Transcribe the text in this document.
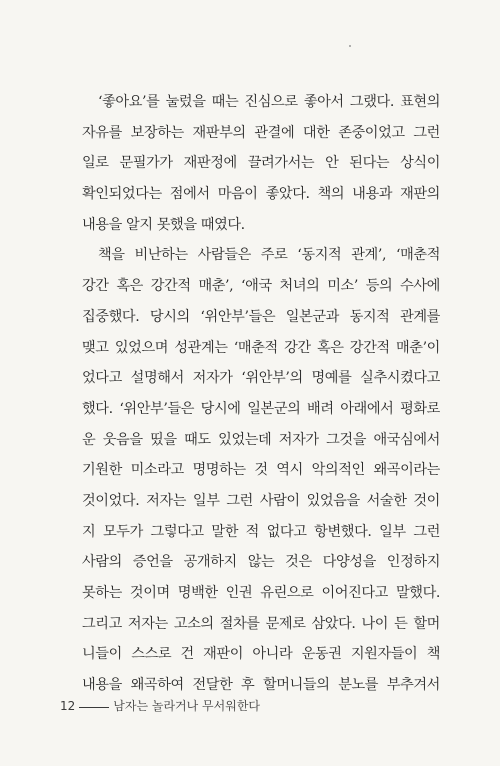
‘좋아요’를 눌렀을 때는 진심으로 좋아서 그랬다. 표현의
자유를 보장하는 재판부의 관결에 대한 존중이었고 그런
일로 문필가가 재판정에 끌려가서는 안 된다는 상식이
확인되었다는 점에서 마음이 좋았다. 책의 내용과 재판의
내용을 알지 못했을 때였다.
책을 비난하는 사람들은 주로 ‘동지적 관계’, ‘매춘적
강간 혹은 강간적 매춘’, ‘애국 처녀의 미소’ 등의 수사에
집중했다. 당시의 ‘위안부’들은 일본군과 동지적 관계를
맺고 있었으며 성관계는 ‘매춘적 강간 혹은 강간적 매춘’이
었다고 설명해서 저자가 ‘위안부’의 명예를 실추시켰다고
했다. ‘위안부’들은 당시에 일본군의 배려 아래에서 평화로
운 웃음을 띴을 때도 있었는데 저자가 그것을 애국심에서
기원한 미소라고 명명하는 것 역시 악의적인 왜곡이라는
것이었다. 저자는 일부 그런 사람이 있었음을 서술한 것이
지 모두가 그렇다고 말한 적 없다고 항변했다. 일부 그런
사람의 증언을 공개하지 않는 것은 다양성을 인정하지
못하는 것이며 명백한 인권 유린으로 이어진다고 말했다.
그리고 저자는 고소의 절차를 문제로 삼았다. 나이 든 할머
니들이 스스로 건 재판이 아니라 운동권 지원자들이 책
내용을 왜곡하여 전달한 후 할머니들의 분노를 부추겨서
12	남자는 놀라거나 무서워한다
